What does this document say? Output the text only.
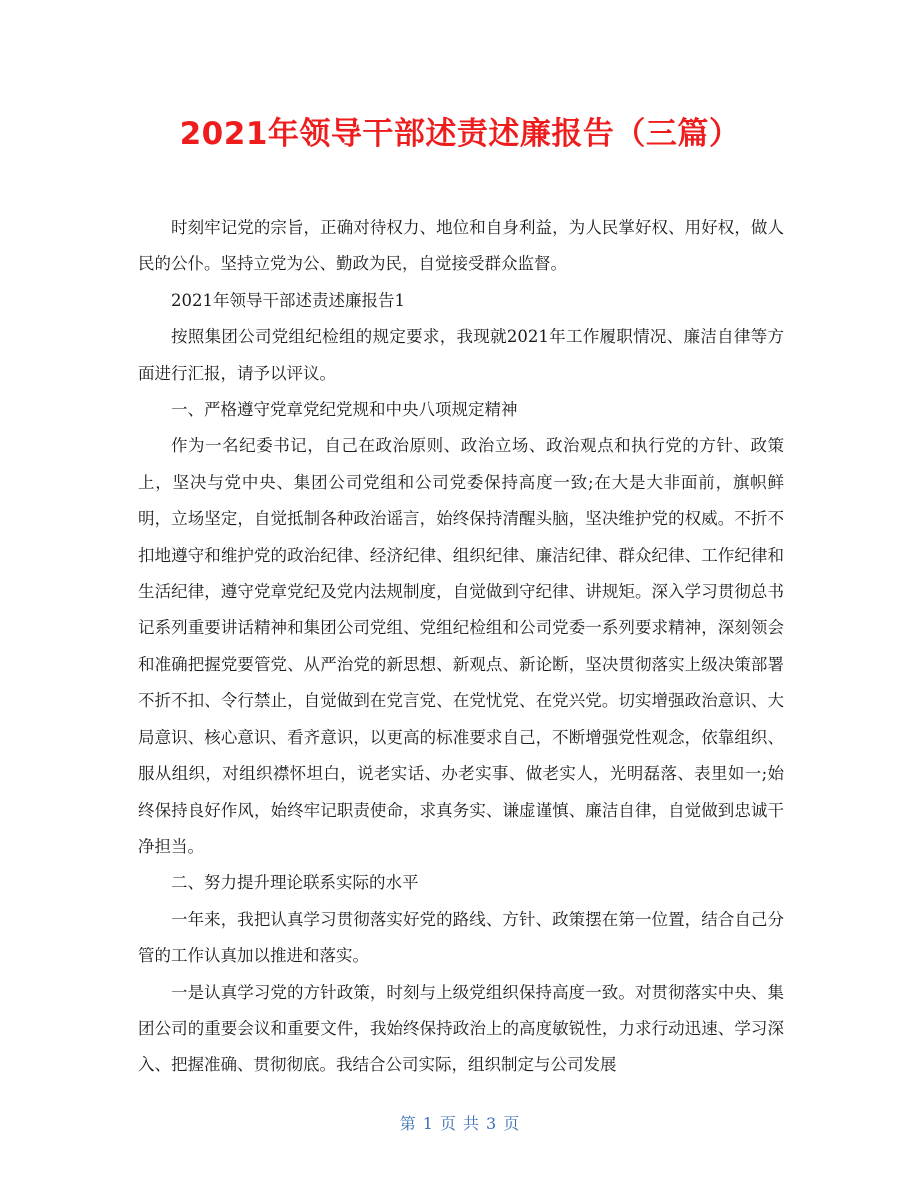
2021年领导干部述责述廉报告（三篇）

时刻牢记党的宗旨，正确对待权力、地位和自身利益，为人民掌好权、用好权，做人民的公仆。坚持立党为公、勤政为民，自觉接受群众监督。

2021年领导干部述责述廉报告1

按照集团公司党组纪检组的规定要求，我现就2021年工作履职情况、廉洁自律等方面进行汇报，请予以评议。

一、严格遵守党章党纪党规和中央八项规定精神

作为一名纪委书记，自己在政治原则、政治立场、政治观点和执行党的方针、政策上，坚决与党中央、集团公司党组和公司党委保持高度一致;在大是大非面前，旗帜鲜明，立场坚定，自觉抵制各种政治谣言，始终保持清醒头脑，坚决维护党的权威。不折不扣地遵守和维护党的政治纪律、经济纪律、组织纪律、廉洁纪律、群众纪律、工作纪律和生活纪律，遵守党章党纪及党内法规制度，自觉做到守纪律、讲规矩。深入学习贯彻总书记系列重要讲话精神和集团公司党组、党组纪检组和公司党委一系列要求精神，深刻领会和准确把握党要管党、从严治党的新思想、新观点、新论断，坚决贯彻落实上级决策部署不折不扣、令行禁止，自觉做到在党言党、在党忧党、在党兴党。切实增强政治意识、大局意识、核心意识、看齐意识，以更高的标准要求自己，不断增强党性观念，依靠组织、服从组织，对组织襟怀坦白，说老实话、办老实事、做老实人，光明磊落、表里如一;始终保持良好作风，始终牢记职责使命，求真务实、谦虚谨慎、廉洁自律，自觉做到忠诚干净担当。

二、努力提升理论联系实际的水平

一年来，我把认真学习贯彻落实好党的路线、方针、政策摆在第一位置，结合自己分管的工作认真加以推进和落实。

一是认真学习党的方针政策，时刻与上级党组织保持高度一致。对贯彻落实中央、集团公司的重要会议和重要文件，我始终保持政治上的高度敏锐性，力求行动迅速、学习深入、把握准确、贯彻彻底。我结合公司实际，组织制定与公司发展

第 1 页 共 3 页
